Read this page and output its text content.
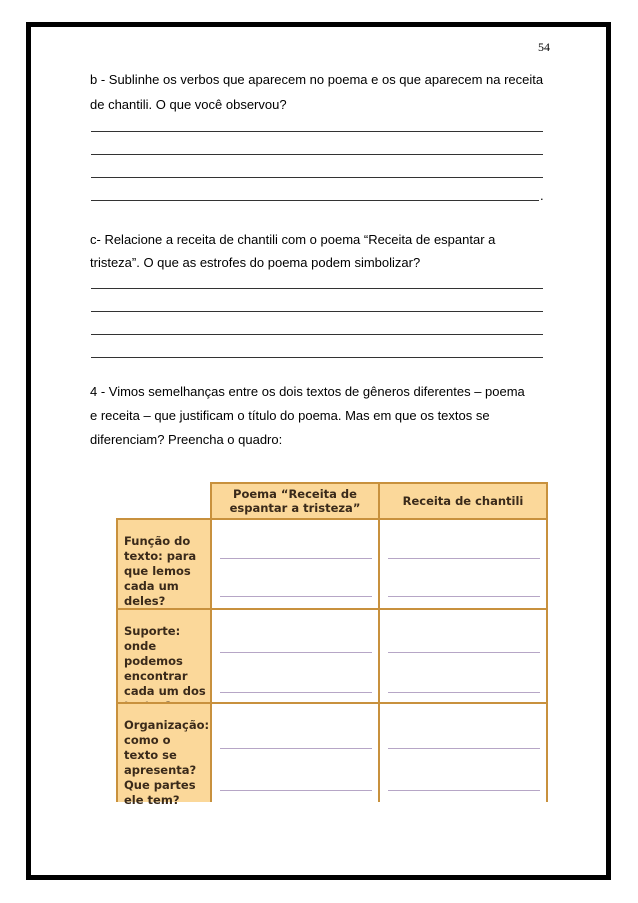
54
b - Sublinhe os verbos que aparecem no poema e os que aparecem na receita
de chantili. O que você observou?
.
c- Relacione a receita de chantili com o poema “Receita de espantar a
tristeza”. O que as estrofes do poema podem simbolizar?
4 - Vimos semelhanças entre os dois textos de gêneros diferentes – poema
e receita – que justificam o título do poema. Mas em que os textos se
diferenciam? Preencha o quadro:
Poema “Receita de espantar a tristeza”	Receita de chantili
Função do texto: para que lemos cada um deles?
Suporte: onde podemos encontrar cada um dos
Organização: como o texto se apresenta? Que partes ele tem?
